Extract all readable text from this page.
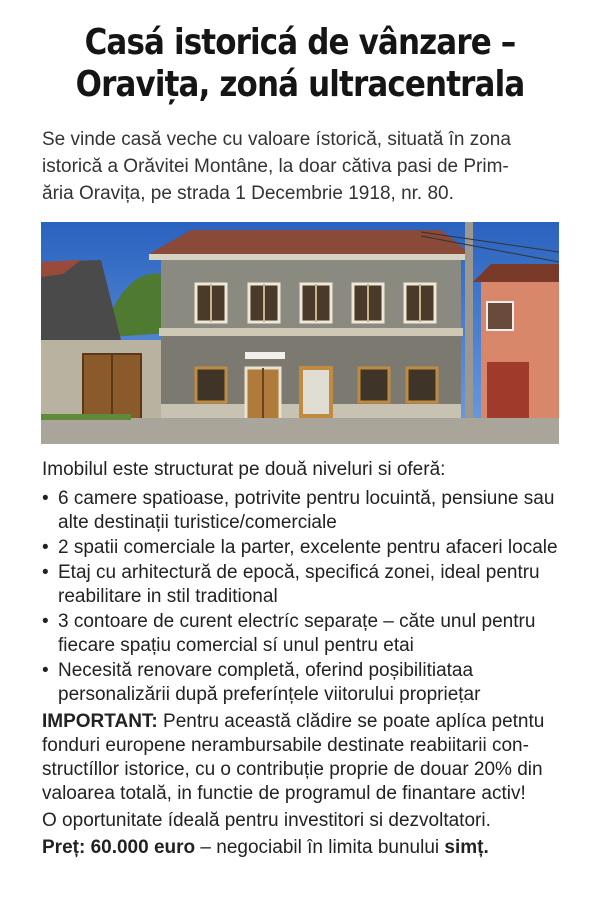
Casá istoricá de vânzare –
Oravița, zoná ultracentrala
Se vinde casă veche cu valoare ístorică, situată în zona
istorică a Orăvitei Montâne, la doar cătiva pasi de Prim-
ăria Oravița, pe strada 1 Decembrie 1918, nr. 80.
Imobilul este structurat pe două niveluri si oferă:
• 6 camere spatioase, potrivite pentru locuintă, pensiune sau
alte destinații turistice/comerciale
• 2 spatii comerciale la parter, excelente pentru afaceri locale
• Etaj cu arhitectură de epocă, specificá zonei, ideal pentru
reabilitare in stil traditional
• 3 contoare de curent electríc separațe – căte unul pentru
fiecare spațiu comercial sí unul pentru etai
• Necesită renovare completă, oferind poșibilitiataa
personalizării după preferínțele viitorului proprieṭar
IMPORTANT: Pentru această clădire se poate aplíca petntu
fonduri europene nerambursabile destinate reabiitarii con-
structíllor istorice, cu o contribuție proprie de douar 20% din
valoarea totală, in functie de programul de finantare activ!
O oportunitate ídeală pentru investitori si dezvoltatori.
Preț: 60.000 euro – negociabil în limita bunului simț.
